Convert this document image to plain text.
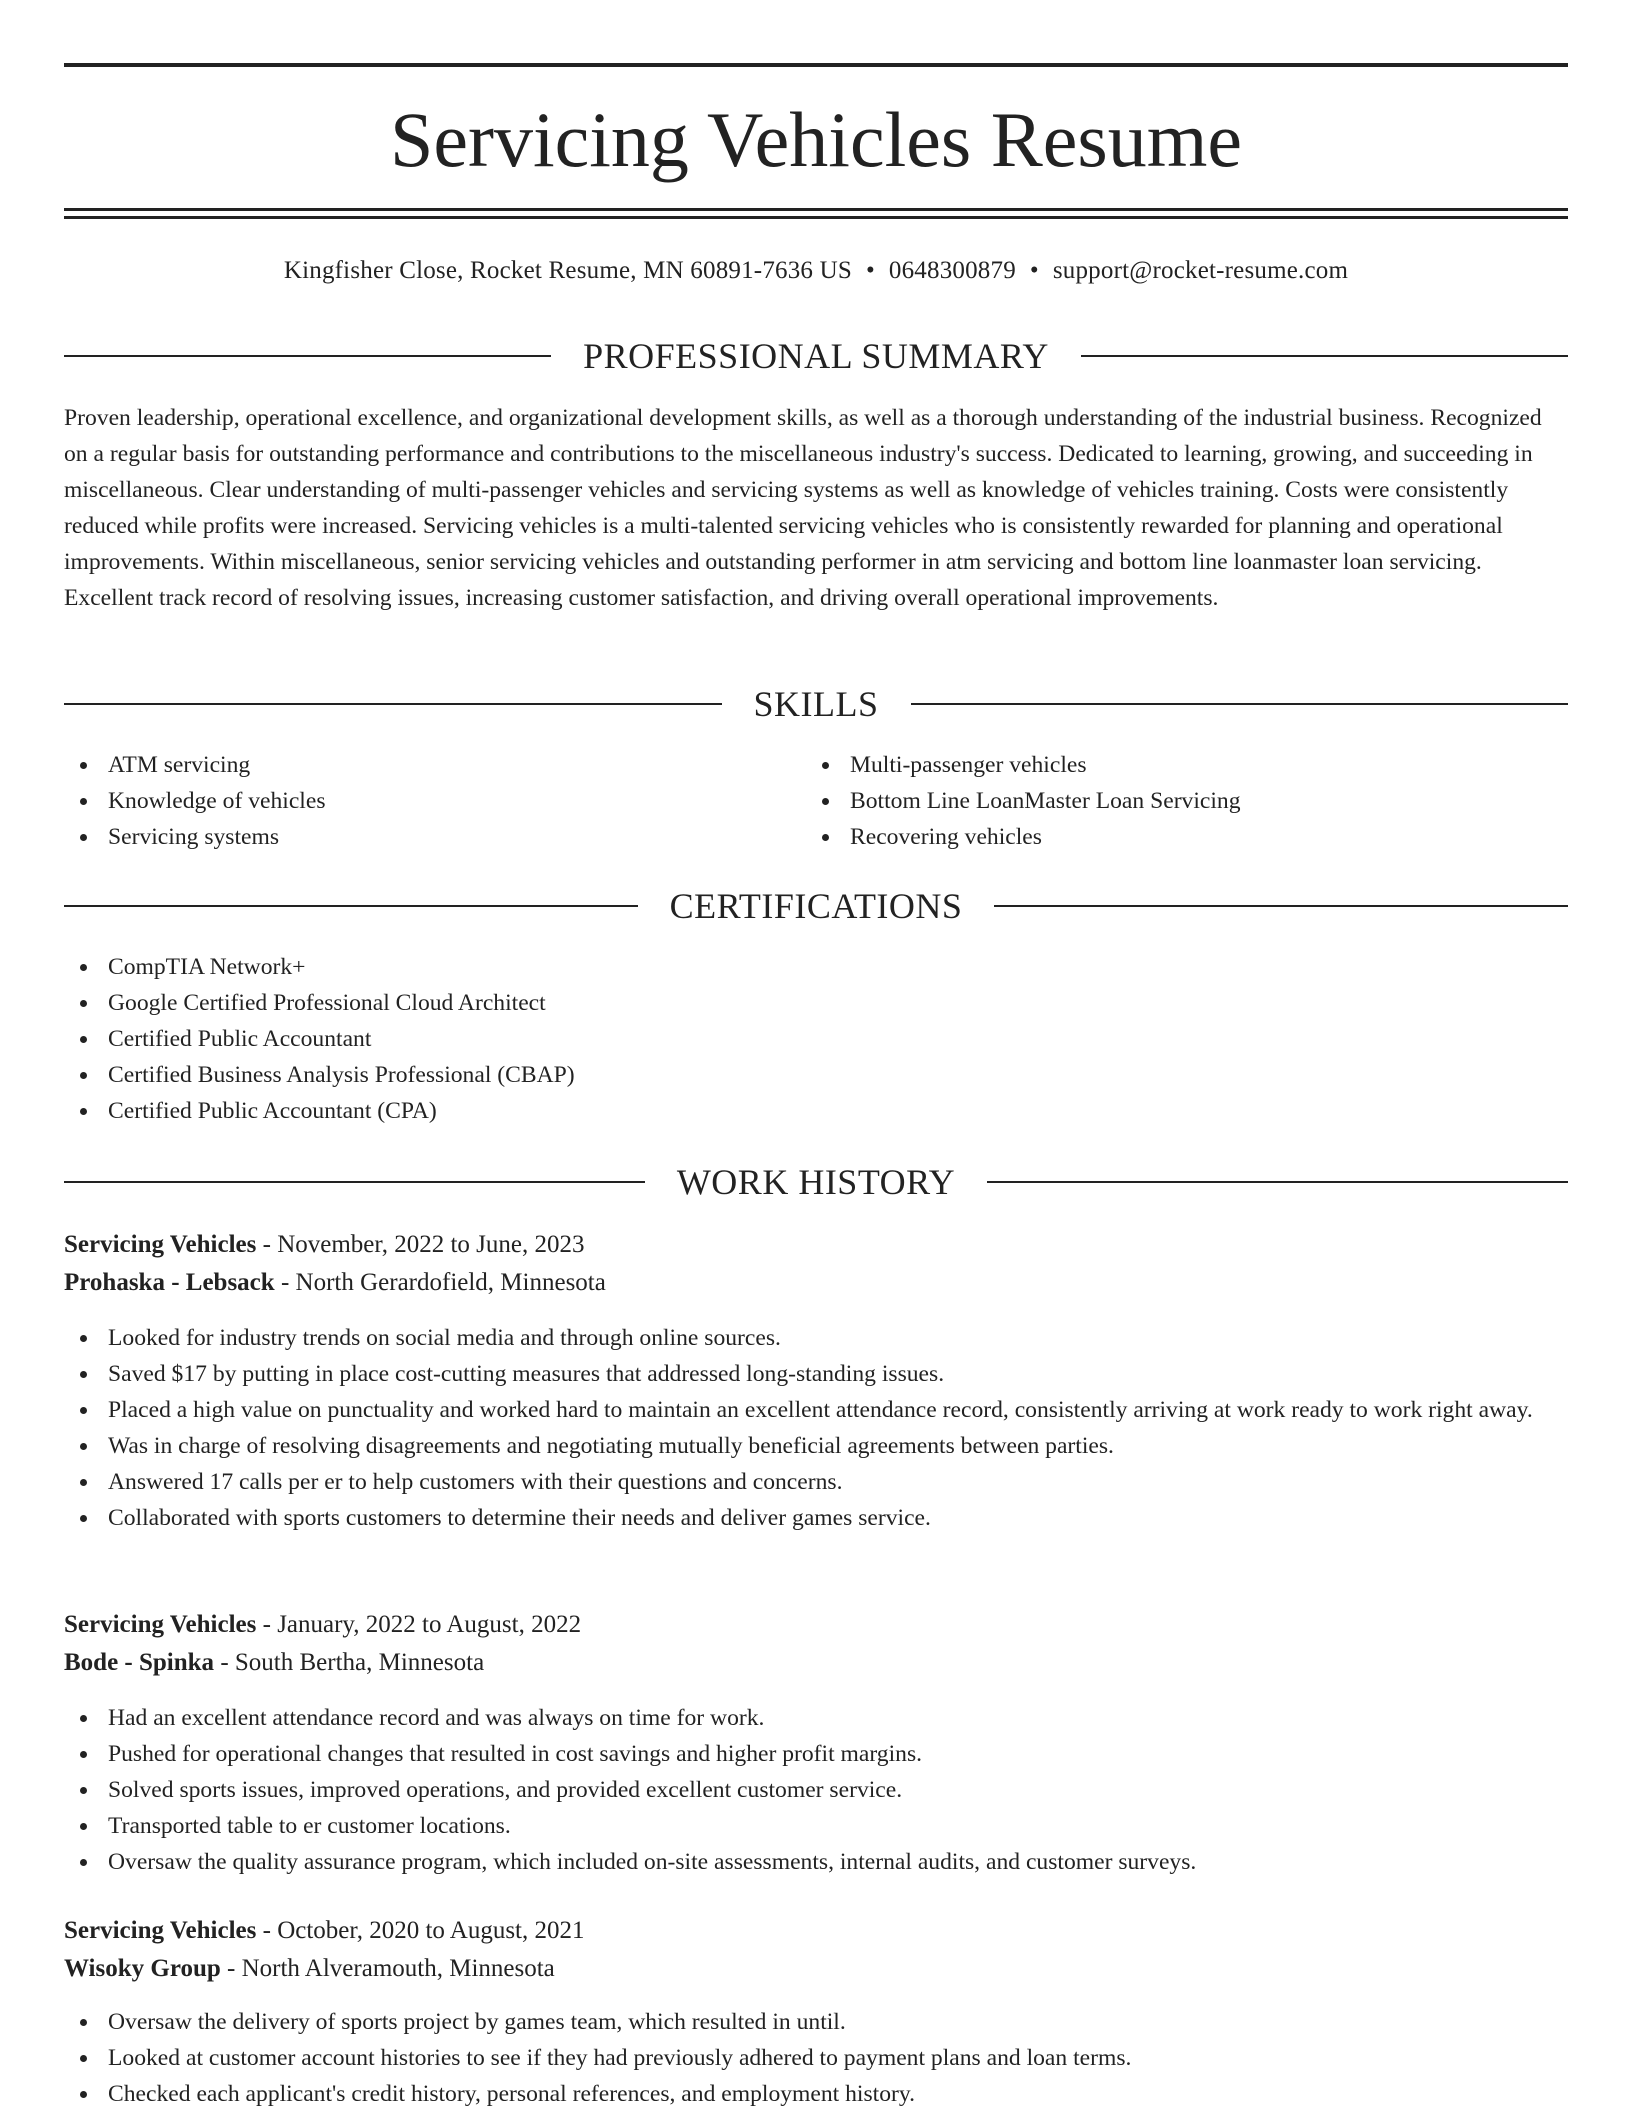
Servicing Vehicles Resume
Kingfisher Close, Rocket Resume, MN 60891-7636 US • 0648300879 • support@rocket-resume.com
PROFESSIONAL SUMMARY

Proven leadership, operational excellence, and organizational development skills, as well as a thorough understanding of the industrial business. Recognized on a regular basis for outstanding performance and contributions to the miscellaneous industry's success. Dedicated to learning, growing, and succeeding in miscellaneous. Clear understanding of multi-passenger vehicles and servicing systems as well as knowledge of vehicles training. Costs were consistently reduced while profits were increased. Servicing vehicles is a multi-talented servicing vehicles who is consistently rewarded for planning and operational improvements. Within miscellaneous, senior servicing vehicles and outstanding performer in atm servicing and bottom line loanmaster loan servicing. Excellent track record of resolving issues, increasing customer satisfaction, and driving overall operational improvements.

SKILLS
ATM servicing
Knowledge of vehicles
Servicing systems
Multi-passenger vehicles
Bottom Line LoanMaster Loan Servicing
Recovering vehicles
CERTIFICATIONS
CompTIA Network+
Google Certified Professional Cloud Architect
Certified Public Accountant
Certified Business Analysis Professional (CBAP)
Certified Public Accountant (CPA)
WORK HISTORY
Servicing Vehicles - November, 2022 to June, 2023
Prohaska - Lebsack - North Gerardofield, Minnesota
Looked for industry trends on social media and through online sources.
Saved $17 by putting in place cost-cutting measures that addressed long-standing issues.
Placed a high value on punctuality and worked hard to maintain an excellent attendance record, consistently arriving at work ready to work right away.
Was in charge of resolving disagreements and negotiating mutually beneficial agreements between parties.
Answered 17 calls per er to help customers with their questions and concerns.
Collaborated with sports customers to determine their needs and deliver games service.
Servicing Vehicles - January, 2022 to August, 2022
Bode - Spinka - South Bertha, Minnesota
Had an excellent attendance record and was always on time for work.
Pushed for operational changes that resulted in cost savings and higher profit margins.
Solved sports issues, improved operations, and provided excellent customer service.
Transported table to er customer locations.
Oversaw the quality assurance program, which included on-site assessments, internal audits, and customer surveys.
Servicing Vehicles - October, 2020 to August, 2021
Wisoky Group - North Alveramouth, Minnesota
Oversaw the delivery of sports project by games team, which resulted in until.
Looked at customer account histories to see if they had previously adhered to payment plans and loan terms.
Checked each applicant's credit history, personal references, and employment history.
